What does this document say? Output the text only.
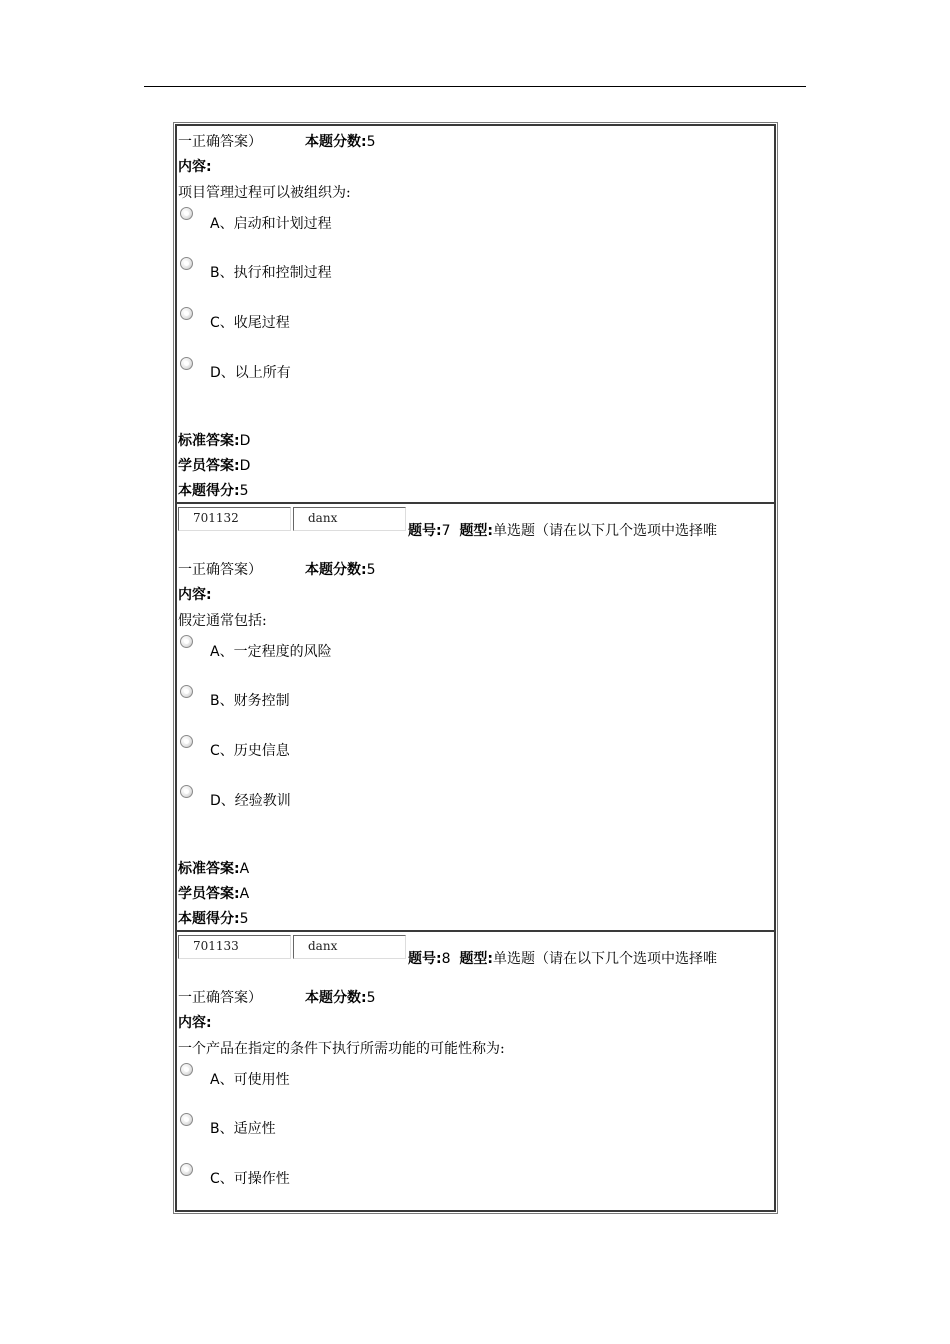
一正确答案）	本题分数:5
内容:
项目管理过程可以被组织为:
A、启动和计划过程
B、执行和控制过程
C、收尾过程
D、以上所有
标准答案:D
学员答案:D
本题得分:5
701132	danx
题号:7 题型:单选题（请在以下几个选项中选择唯
一正确答案）	本题分数:5
内容:
假定通常包括:
A、一定程度的风险
B、财务控制
C、历史信息
D、经验教训
标准答案:A
学员答案:A
本题得分:5
701133	danx
题号:8 题型:单选题（请在以下几个选项中选择唯
一正确答案）	本题分数:5
内容:
一个产品在指定的条件下执行所需功能的可能性称为:
A、可使用性
B、适应性
C、可操作性
